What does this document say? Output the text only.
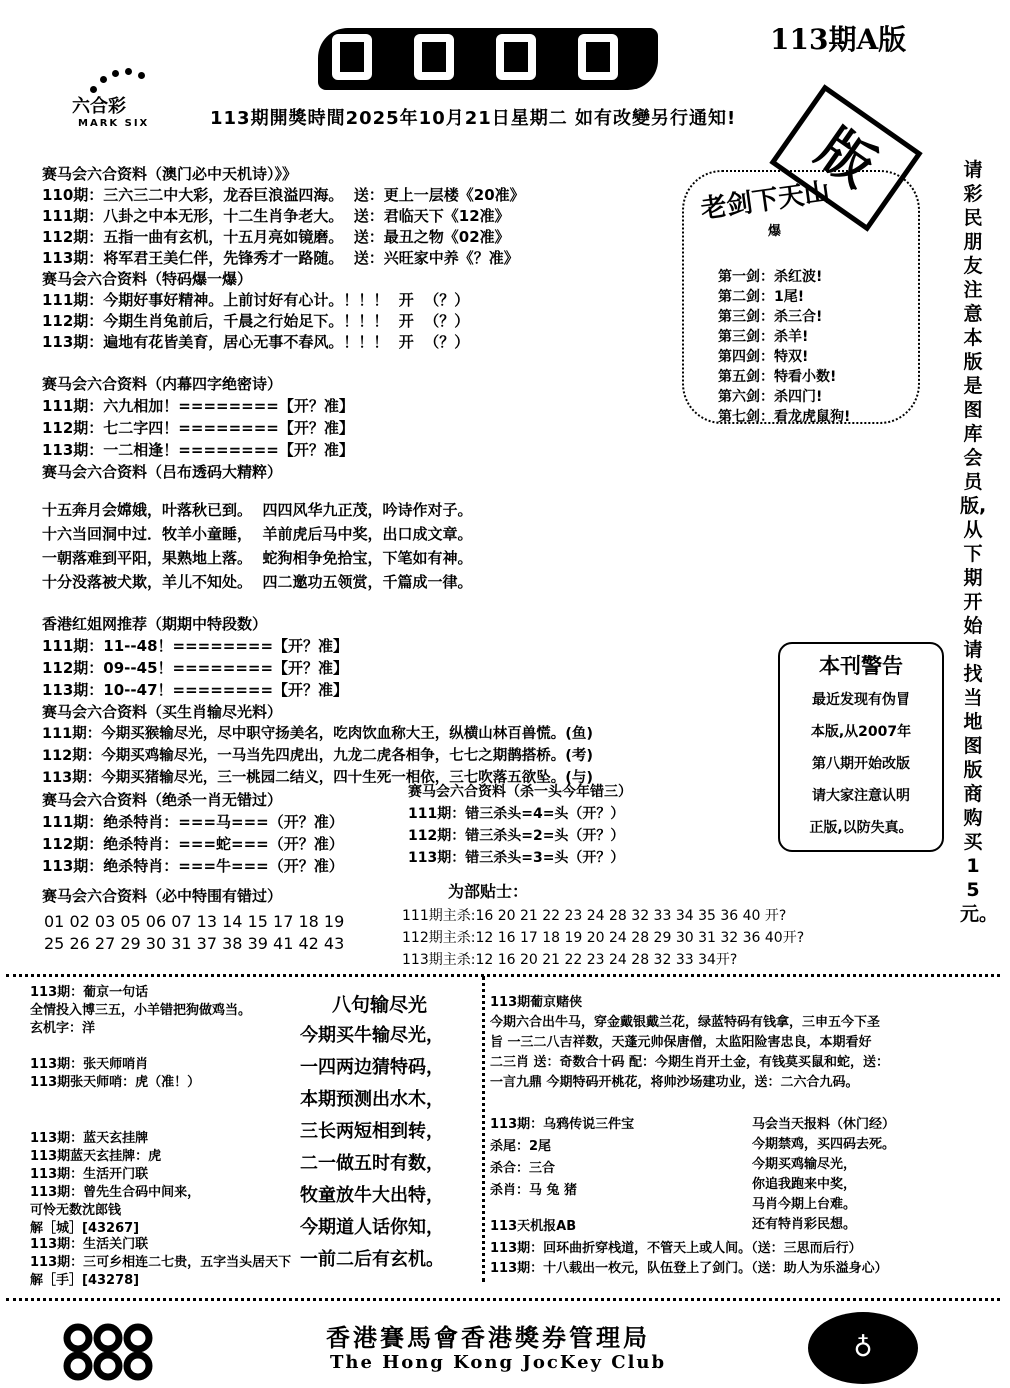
113期A版
六合彩
MARK SIX	113期開獎時間2025年10月21日星期二 如有改變另行通知!	版
老剑下天山
爆
第一剑：杀红波!
第二剑：1尾!
第三剑：杀三合!
第三剑：杀羊!
第四剑：特双!
第五剑：特看小数!
第六剑：杀四门!
第七剑：看龙虎鼠狗!
请彩民朋友注意本版是图库会员版,
从下期开始请找当地图版商购买15元。
本刊警告
最近发现有伪冒
本版,从2007年
第八期开始改版
请大家注意认明
正版,以防失真。
赛马会六合资料（澳门必中天机诗）》》
110期：三六三二中大彩，龙吞巨浪溢四海。  送：更上一层楼《20准》
111期：八卦之中本无形，十二生肖争老大。  送：君临天下《12准》
112期：五指一曲有玄机，十五月亮如镜磨。  送：最丑之物《02准》
113期：将军君王美仁伴，先锋秀才一路随。  送：兴旺家中养《？准》
赛马会六合资料（特码爆一爆）
111期：今期好事好精神。上前讨好有心计。！！！  开  （？）
112期：今期生肖兔前后，千晨之行始足下。！！！  开  （？）
113期：遍地有花皆美育，居心无事不春风。！！！  开  （？）
赛马会六合资料（内幕四字绝密诗）
111期：六九相加！========【开？准】
112期：七二字四！========【开？准】
113期：一二相逢！========【开？准】
赛马会六合资料（吕布透码大精粹）
十五奔月会嫦娥，叶落秋已到。  四四风华九正茂，吟诗作对子。
十六当回洞中过．牧羊小童睡，  羊前虎后马中奖，出口成文章。
一朝落难到平阳，果熟地上落。  蛇狗相争免拾宝，下笔如有神。
十分没落被犬欺，羊儿不知处。  四二邀功五领赏，千篇成一律。
香港红姐网推荐（期期中特段数）
111期：11--48！========【开？准】
112期：09--45！========【开？准】
113期：10--47！========【开？准】
赛马会六合资料（买生肖输尽光料）
111期：今期买猴输尽光，尽中职守扬美名，吃肉饮血称大王，纵横山林百兽慌。(鱼)
112期：今期买鸡输尽光，一马当先四虎出，九龙二虎各相争，七七之期鹊搭桥。(考)
113期：今期买猪输尽光，三一桃园二结义，四十生死一相依，三七吹落五欲坠。(与)
赛马会六合资料（绝杀一肖无错过）
111期：绝杀特肖：===马===（开？准）
112期：绝杀特肖：===蛇===（开？准）
113期：绝杀特肖：===牛===（开？准）
赛马会六合资料（杀一头今年错三）
111期：错三杀头=4=头（开？）
112期：错三杀头=2=头（开？）
113期：错三杀头=3=头（开？）
赛马会六合资料（必中特围有错过）
01 02 03 05 06 07 13 14 15 17 18 19
25 26 27 29 30 31 37 38 39 41 42 43
为部贴士：
111期主杀:16 20 21 22 23 24 28 32 33 34 35 36 40 开?
112期主杀:12 16 17 18 19 20 24 28 29 30 31 32 36 40开?
113期主杀:12 16 20 21 22 23 24 28 32 33 34开?
113期：葡京一句话
全情投入博三五，小羊错把狗做鸡当。
玄机字：洋
113期：张天师哨肖
113期张天师哨：虎（准！）
113期：蓝天玄挂牌
113期蓝天玄挂牌：虎
113期：生活开门联
113期：曾先生合码中间来，
可怜无数沈郎钱
解［城］[43267]
113期：生活关门联
113期：三可乡相连二七贵，五字当头居天下
解［手］[43278]
八句输尽光
今期买牛输尽光，
一四两边猜特码，
本期预测出水木，
三长两短相到转，
二一做五时有数，
牧童放牛大出特，
今期道人话你知，
一前二后有玄机。
113期葡京赌侠
今期六合出牛马，穿金戴银戴兰花，绿蓝特码有钱拿，三申五今下圣
旨 一三二八吉祥数，天蓬元帅保唐僧，太监阳险害忠良，本期看好
二三肖 送：奇数合十码 配：今期生肖开土金，有钱莫买鼠和蛇，送：
一言九鼎 今期特码开桃花，将帅沙场建功业，送：二六合九码。
113期：乌鸦传说三件宝
杀尾：2尾
杀合：三合
杀肖：马 兔 猪
马会当天报料（休门经）
今期禁鸡，买四码去死。
今期买鸡输尽光，
你追我跑来中奖，
马肖今期上台难。
还有特肖彩民想。
113天机报AB
113期：回环曲折穿栈道，不管天上或人间。（送：三思而后行）
113期：十八载出一枚元，队伍登上了剑门。（送：助人为乐溢身心）
香港賽馬會香港獎券管理局
The Hong Kong JocKey Club	♁
